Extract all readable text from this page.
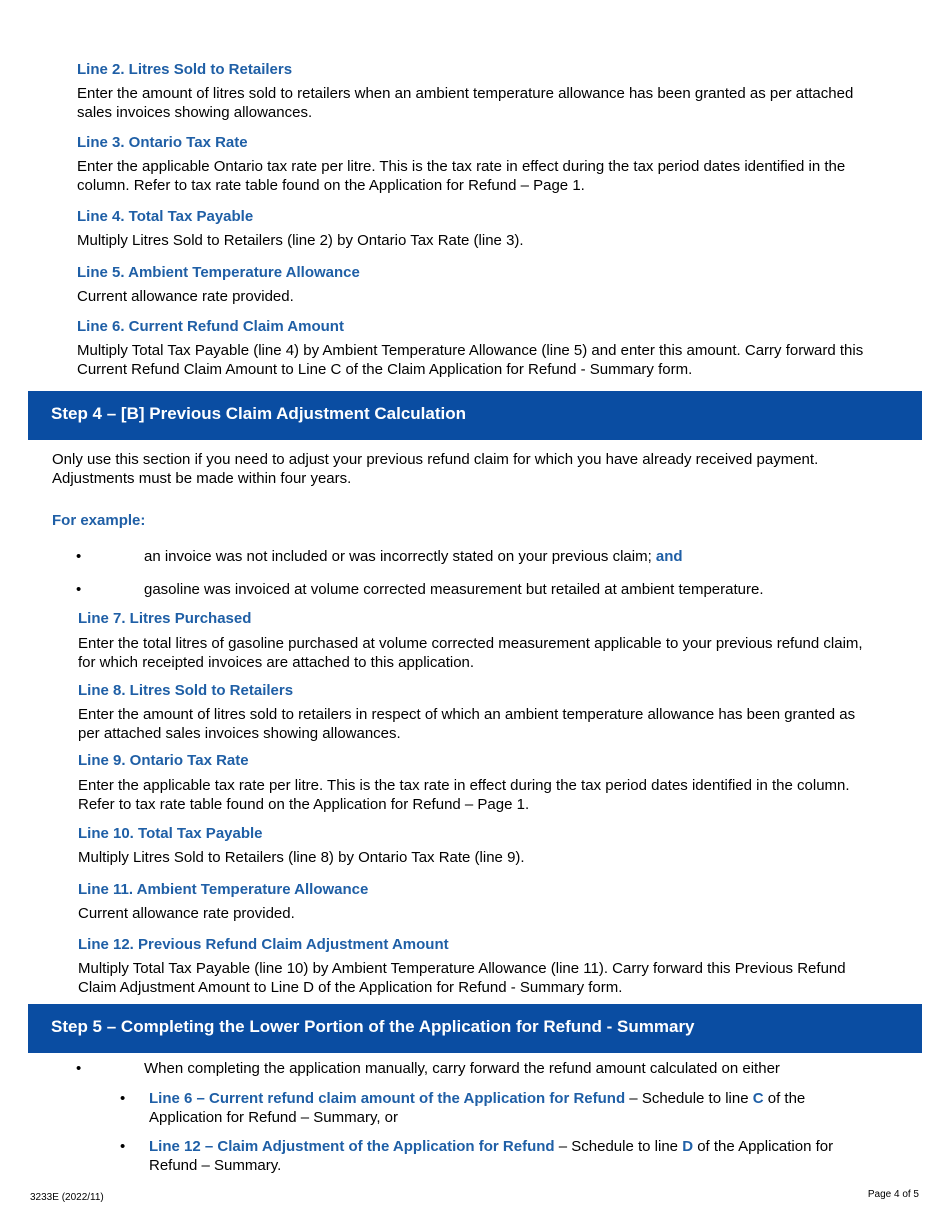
Line 2. Litres Sold to Retailers
Enter the amount of litres sold to retailers when an ambient temperature allowance has been granted as per attached sales invoices showing allowances.
Line 3. Ontario Tax Rate
Enter the applicable Ontario tax rate per litre. This is the tax rate in effect during the tax period dates identified in the column. Refer to tax rate table found on the Application for Refund – Page 1.
Line 4. Total Tax Payable
Multiply Litres Sold to Retailers (line 2) by Ontario Tax Rate (line 3).
Line 5. Ambient Temperature Allowance
Current allowance rate provided.
Line 6. Current Refund Claim Amount
Multiply Total Tax Payable (line 4) by Ambient Temperature Allowance (line 5) and enter this amount. Carry forward this Current Refund Claim Amount to Line C of the Claim Application for Refund - Summary form.
Step 4 – [B] Previous Claim Adjustment Calculation
Only use this section if you need to adjust your previous refund claim for which you have already received payment. Adjustments must be made within four years.
For example:
•	an invoice was not included or was incorrectly stated on your previous claim; and
•	gasoline was invoiced at volume corrected measurement but retailed at ambient temperature.
Line 7. Litres Purchased
Enter the total litres of gasoline purchased at volume corrected measurement applicable to your previous refund claim, for which receipted invoices are attached to this application.
Line 8. Litres Sold to Retailers
Enter the amount of litres sold to retailers in respect of which an ambient temperature allowance has been granted as per attached sales invoices showing allowances.
Line 9. Ontario Tax Rate
Enter the applicable tax rate per litre. This is the tax rate in effect during the tax period dates identified in the column. Refer to tax rate table found on the Application for Refund – Page 1.
Line 10. Total Tax Payable
Multiply Litres Sold to Retailers (line 8) by Ontario Tax Rate (line 9).
Line 11. Ambient Temperature Allowance
Current allowance rate provided.
Line 12. Previous Refund Claim Adjustment Amount
Multiply Total Tax Payable (line 10) by Ambient Temperature Allowance (line 11). Carry forward this Previous Refund Claim Adjustment Amount to Line D of the Application for Refund - Summary form.
Step 5 – Completing the Lower Portion of the Application for Refund - Summary
•	When completing the application manually, carry forward the refund amount calculated on either
• Line 6 – Current refund claim amount of the Application for Refund – Schedule to line C of the Application for Refund – Summary, or
• Line 12 – Claim Adjustment of the Application for Refund – Schedule to line D of the Application for Refund – Summary.
3233E (2022/11)	Page 4 of 5
